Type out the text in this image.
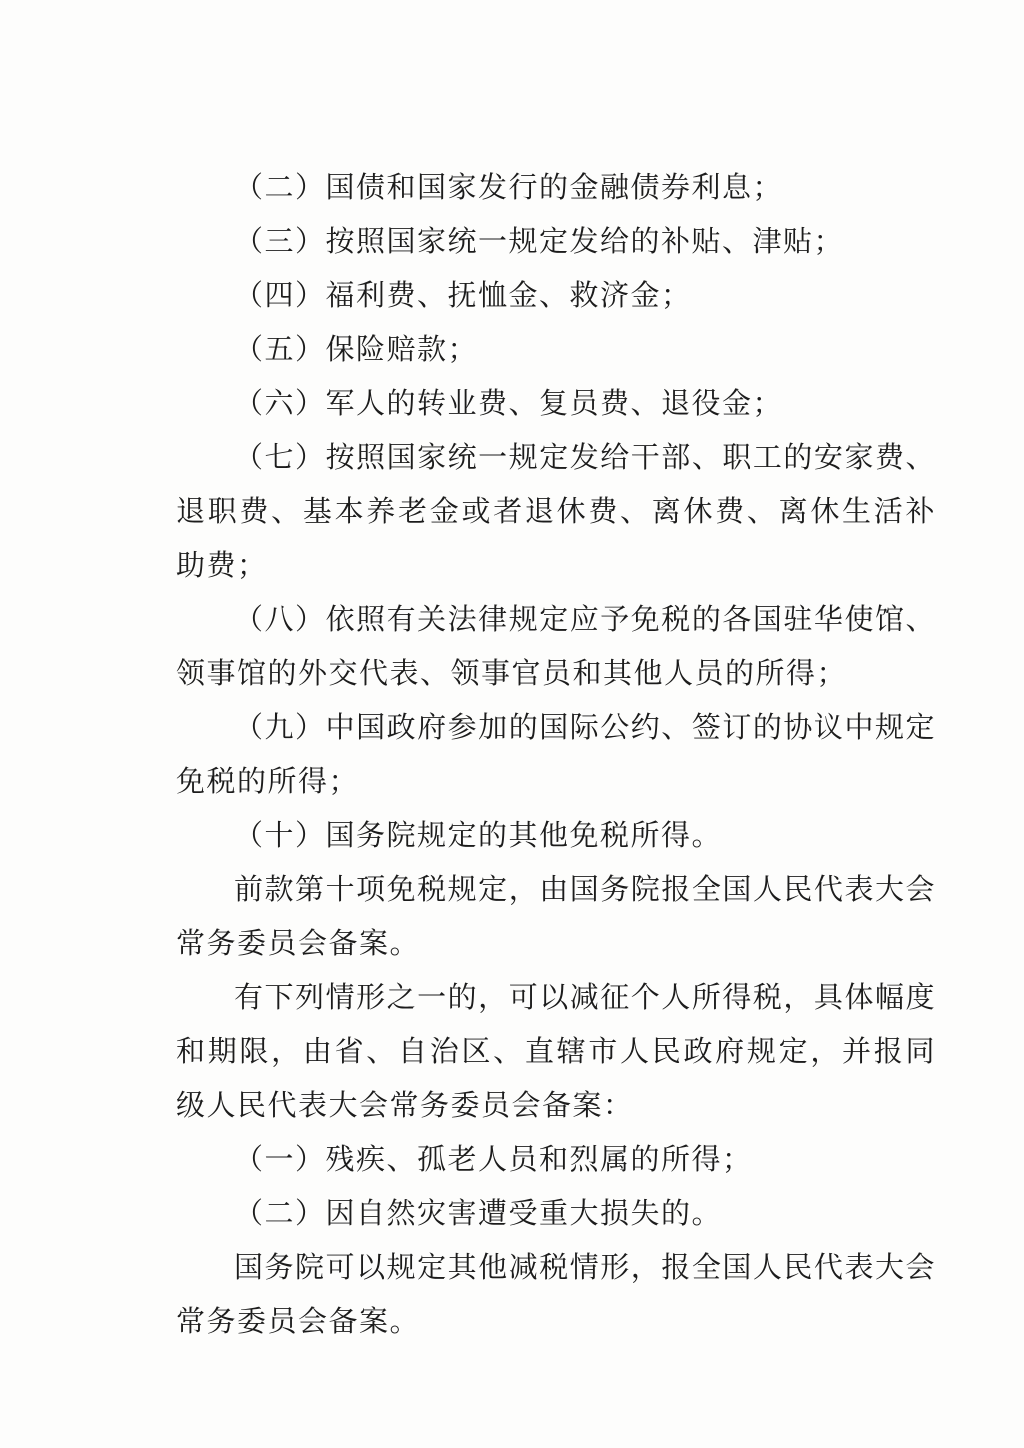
（二）国债和国家发行的金融债券利息；

（三）按照国家统一规定发给的补贴、津贴；

（四）福利费、抚恤金、救济金；

（五）保险赔款；

（六）军人的转业费、复员费、退役金；

（七）按照国家统一规定发给干部、职工的安家费、退职费、基本养老金或者退休费、离休费、离休生活补助费；

（八）依照有关法律规定应予免税的各国驻华使馆、领事馆的外交代表、领事官员和其他人员的所得；

（九）中国政府参加的国际公约、签订的协议中规定免税的所得；

（十）国务院规定的其他免税所得。

前款第十项免税规定，由国务院报全国人民代表大会常务委员会备案。

有下列情形之一的，可以减征个人所得税，具体幅度和期限，由省、自治区、直辖市人民政府规定，并报同级人民代表大会常务委员会备案：

（一）残疾、孤老人员和烈属的所得；

（二）因自然灾害遭受重大损失的。

国务院可以规定其他减税情形，报全国人民代表大会常务委员会备案。
